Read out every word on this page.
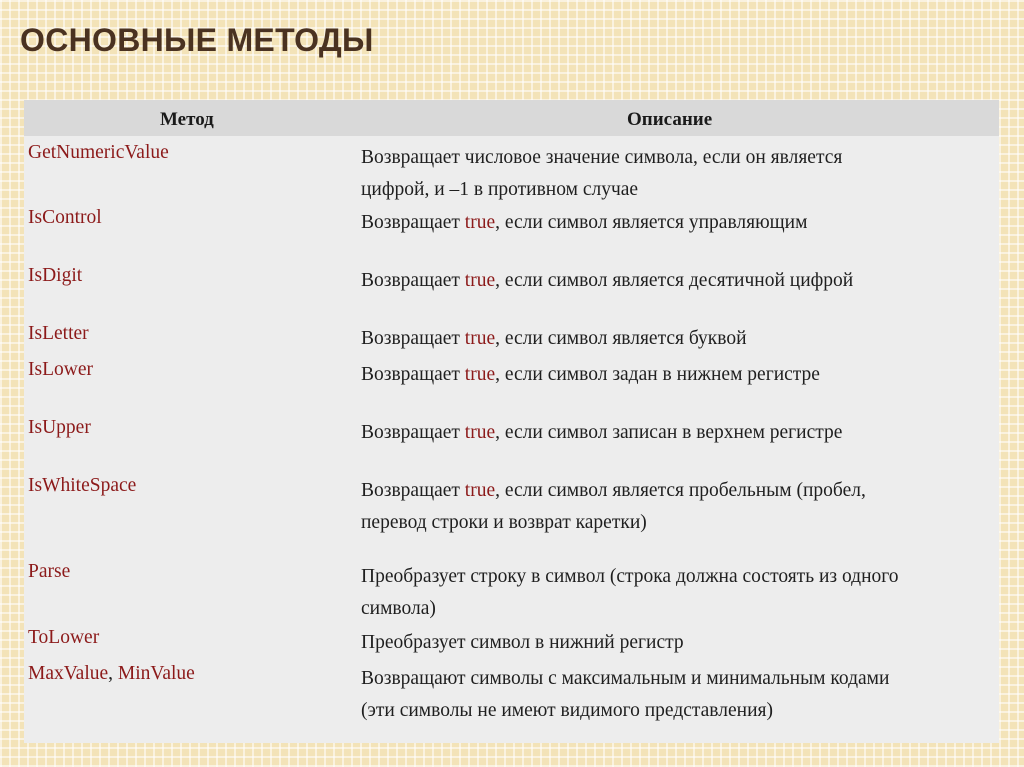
ОСНОВНЫЕ МЕТОДЫ
Метод	Описание
GetNumericValue	Возвращает числовое значение символа, если он является
цифрой, и –1 в противном случае
IsControl	Возвращает true, если символ является управляющим
IsDigit	Возвращает true, если символ является десятичной цифрой
IsLetter	Возвращает true, если символ является буквой
IsLower	Возвращает true, если символ задан в нижнем регистре
IsUpper	Возвращает true, если символ записан в верхнем регистре
IsWhiteSpace	Возвращает true, если символ является пробельным (пробел,
перевод строки и возврат каретки)
Parse	Преобразует строку в символ (строка должна состоять из одного
символа)
ToLower	Преобразует символ в нижний регистр
MaxValue, MinValue	Возвращают символы с максимальным и минимальным кодами
(эти символы не имеют видимого представления)
